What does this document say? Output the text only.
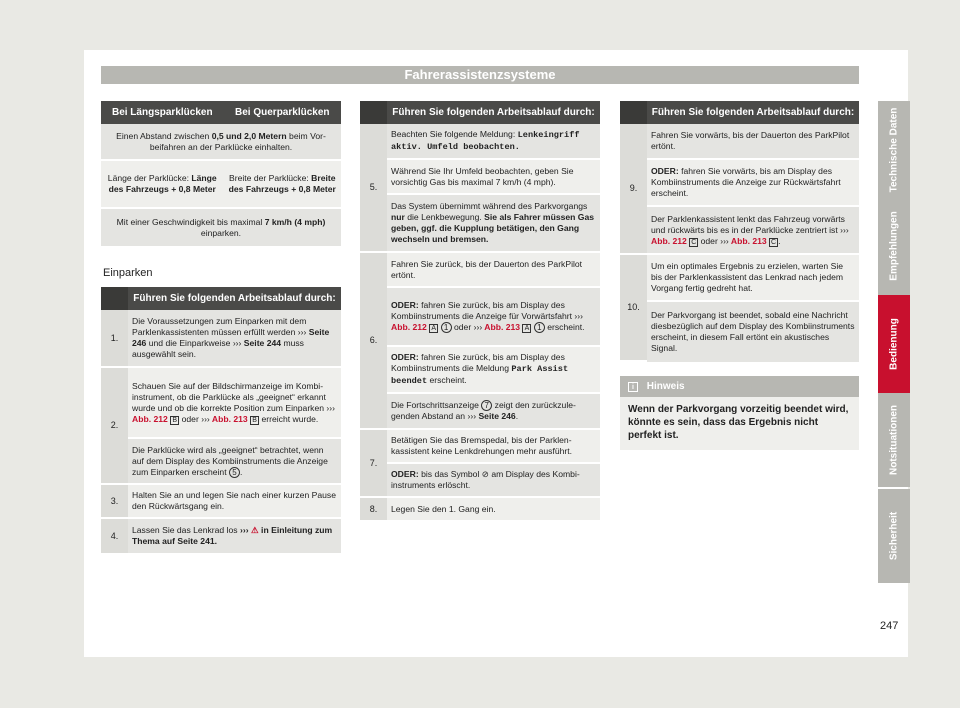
Fahrerassistenzsysteme
Bei Längsparklücken	Bei Querparklücken
Einen Abstand zwischen 0,5 und 2,0 Metern beim Vorbeifahren an der Parklücke einhalten.	
Länge der Parklücke: Länge des Fahrzeugs + 0,8 Meter	Breite der Parklücke: Breite des Fahrzeugs + 0,8 Meter
Mit einer Geschwindigkeit bis maximal 7 km/h (4 mph) einparken.	
Einparken
	Führen Sie folgenden Arbeitsablauf durch:
1.	Die Voraussetzungen zum Einparken mit dem Parklenkassistenten müssen erfüllt werden ››› Seite 246 und die Einparkweise ››› Seite 244 muss ausgewählt sein.
2.	Schauen Sie auf der Bildschirmanzeige im Kombiinstrument, ob die Parklücke als „geeignet“ erkannt wurde und ob die korrekte Position zum Einparken ››› Abb. 212 B oder ››› Abb. 213 B erreicht wurde.
	Die Parklücke wird als „geeignet“ betrachtet, wenn auf dem Display des Kombiinstruments die Anzeige zum Einparken erscheint 5 .
3.	Halten Sie an und legen Sie nach einer kurzen Pause den Rückwärtsgang ein.
4.	Lassen Sie das Lenkrad los ››› ⚠ in Einleitung zum Thema auf Seite 241.
	Führen Sie folgenden Arbeitsablauf durch:
5.	Beachten Sie folgende Meldung: Lenkeingriff aktiv. Umfeld beobachten.
	Während Sie Ihr Umfeld beobachten, geben Sie vorsichtig Gas bis maximal 7 km/h (4 mph).
	Das System übernimmt während des Parkvorgangs nur die Lenkbewegung. Sie als Fahrer müssen Gas geben, ggf. die Kupplung betätigen, den Gang wechseln und bremsen.
6.	Fahren Sie zurück, bis der Dauerton des ParkPilot ertönt.
	ODER: fahren Sie zurück, bis am Display des Kombiinstruments die Anzeige für Vorwärtsfahrt ››› Abb. 212 A 1 oder ››› Abb. 213 A 1 erscheint.
	ODER: fahren Sie zurück, bis am Display des Kombiinstruments die Meldung Park Assist beendet erscheint.
	Die Fortschrittsanzeige 7 zeigt den zurückzulegenden Abstand an ››› Seite 246.
7.	Betätigen Sie das Bremspedal, bis der Parklenkassistent keine Lenkdrehungen mehr ausführt.
	ODER: bis das Symbol ⊘ am Display des Kombiinstruments erlöscht.
8.	Legen Sie den 1. Gang ein.
	Führen Sie folgenden Arbeitsablauf durch:
9.	Fahren Sie vorwärts, bis der Dauerton des ParkPilot ertönt.
	ODER: fahren Sie vorwärts, bis am Display des Kombiinstruments die Anzeige zur Rückwärtsfahrt erscheint.
	Der Parklenkassistent lenkt das Fahrzeug vorwärts und rückwärts bis es in der Parklücke zentriert ist ››› Abb. 212 C oder ››› Abb. 213 C .
10.	Um ein optimales Ergebnis zu erzielen, warten Sie bis der Parklenkassistent das Lenkrad nach jedem Vorgang fertig gedreht hat.
	Der Parkvorgang ist beendet, sobald eine Nachricht diesbezüglich auf dem Display des Kombiinstruments erscheint, in diesem Fall ertönt ein akustisches Signal.
i Hinweis
Wenn der Parkvorgang vorzeitig beendet wird, könnte es sein, dass das Ergebnis nicht perfekt ist.
Technische Daten
Empfehlungen
Bedienung
Notsituationen
Sicherheit
247
